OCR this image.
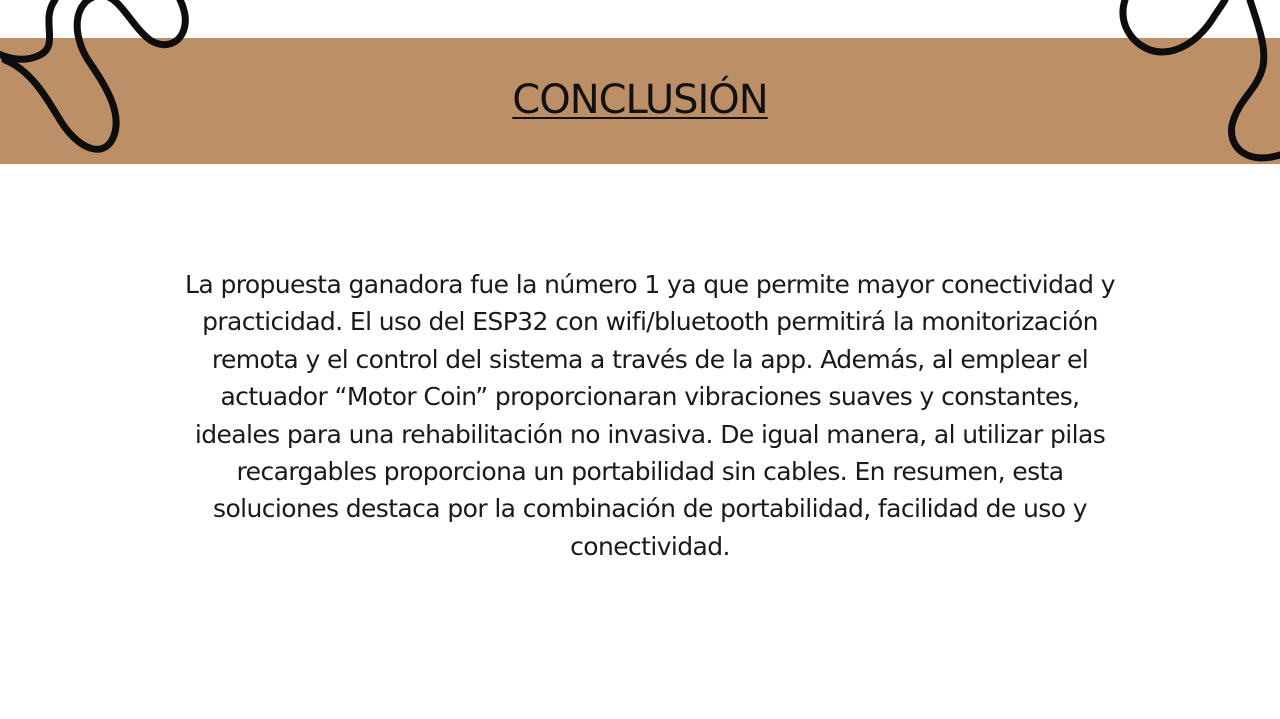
CONCLUSIÓN

La propuesta ganadora fue la número 1 ya que permite mayor conectividad y practicidad. El uso del ESP32 con wifi/bluetooth permitirá la monitorización remota y el control del sistema a través de la app. Además, al emplear el actuador “Motor Coin” proporcionaran vibraciones suaves y constantes, ideales para una rehabilitación no invasiva. De igual manera, al utilizar pilas recargables proporciona un portabilidad sin cables. En resumen, esta soluciones destaca por la combinación de portabilidad, facilidad de uso y conectividad.
